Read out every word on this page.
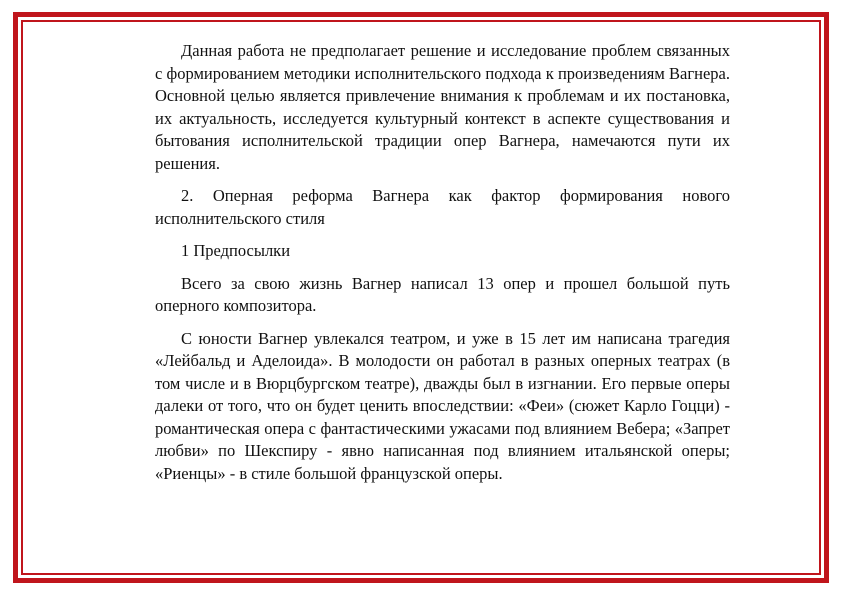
Данная работа не предполагает решение и исследование проблем связанных с формированием методики исполнительского подхода к произведениям Вагнера. Основной целью является привлечение внимания к проблемам и их постановка, их актуальность, исследуется культурный контекст в аспекте существования и бытования исполнительской традиции опер Вагнера, намечаются пути их решения.

2. Оперная реформа Вагнера как фактор формирования нового исполнительского стиля

1 Предпосылки

Всего за свою жизнь Вагнер написал 13 опер и прошел большой путь оперного композитора.

С юности Вагнер увлекался театром, и уже в 15 лет им написана трагедия «Лейбальд и Аделоида». В молодости он работал в разных оперных театрах (в том числе и в Вюрцбургском театре), дважды был в изгнании. Его первые оперы далеки от того, что он будет ценить впоследствии: «Феи» (сюжет Карло Гоцци) - романтическая опера с фантастическими ужасами под влиянием Вебера; «Запрет любви» по Шекспиру - явно написанная под влиянием итальянской оперы; «Риенцы» - в стиле большой французской оперы.
